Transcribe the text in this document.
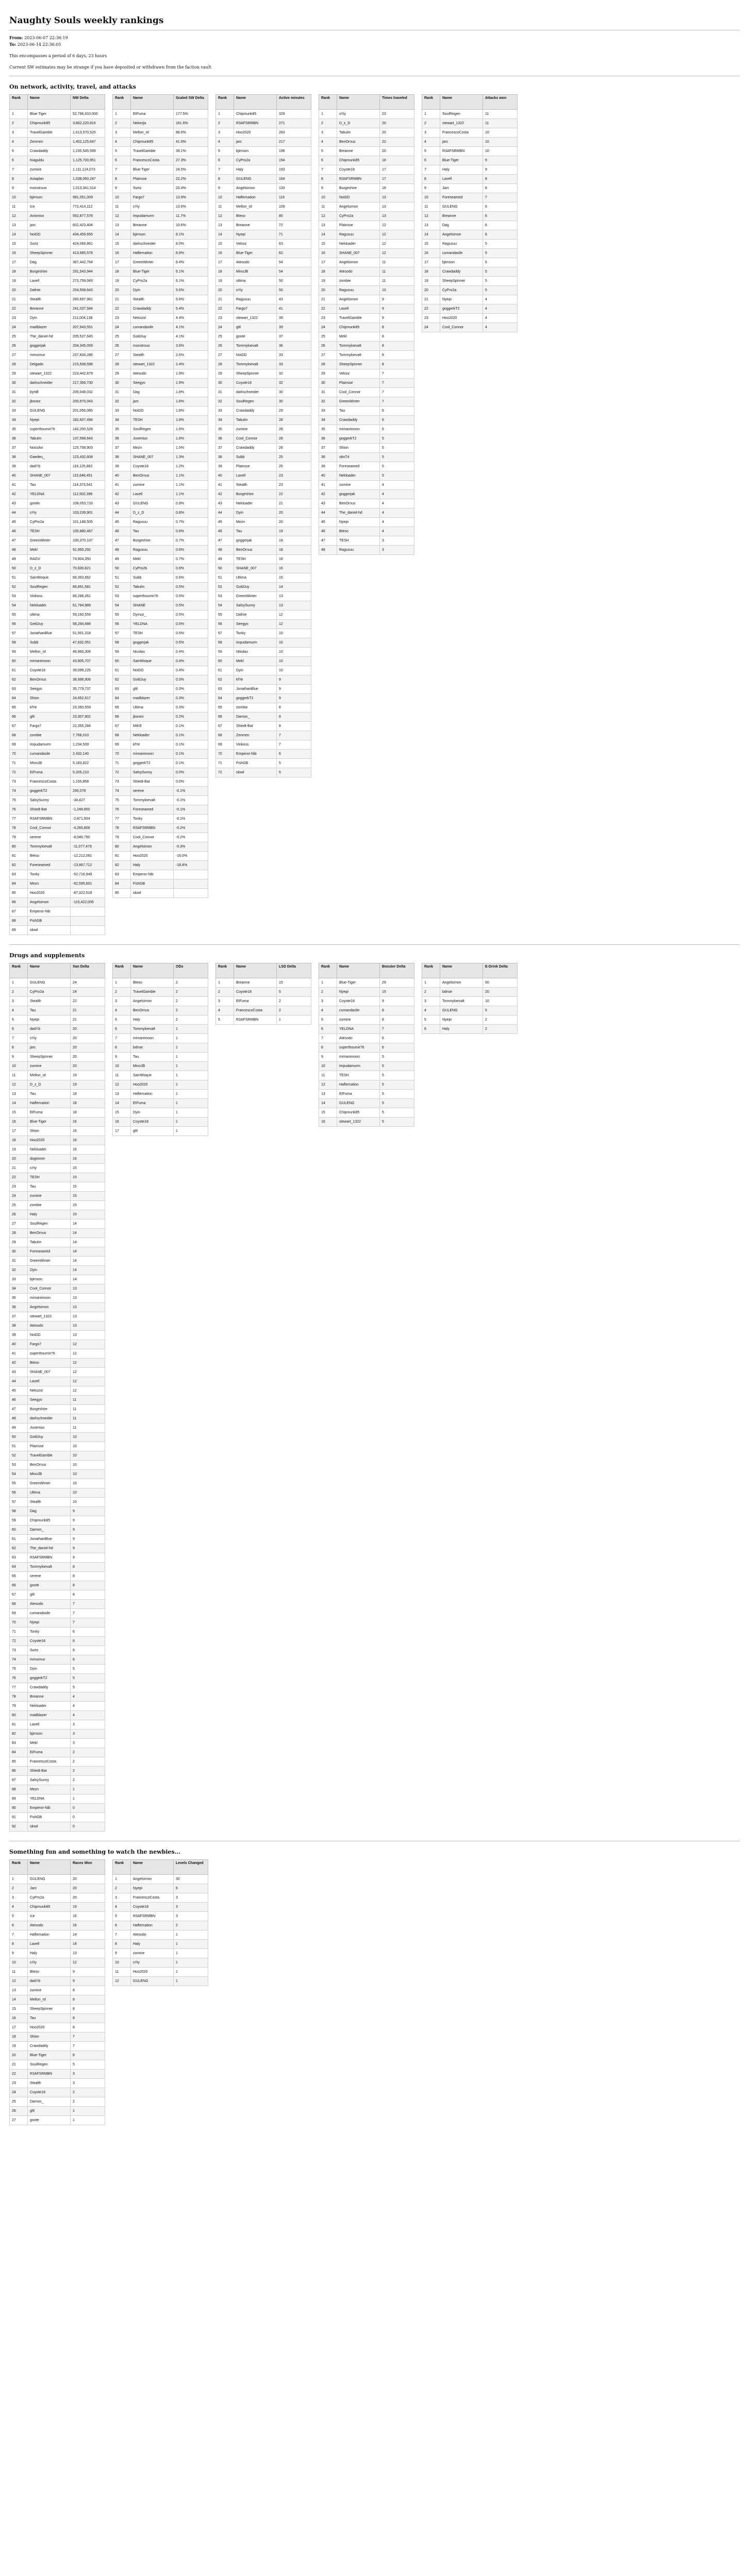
Naughty Souls weekly rankings
From: 2023-06-07 22:36:19
To: 2023-06-14 22:36:05

This encompasses a period of 6 days, 23 hours

Current SW estimates may be strange if you have deposited or withdrawn from the faction vault

On network, activity, travel, and attacks
Rank	Name	NW Delta
1	Blue-Tiger	52,796,910,000
2	Chipmunk85	3,862,220,816
3	TravelGamble	1,613,570,520
4	Zenmen	1,402,125,647
5	Crawdaddy	1,235,545,599
6	Kiaguldu	1,125,700,951
7	zumine	1,111,124,073
8	Asiaplan	1,038,060,247
9	monstrous	1,013,341,514
10	bjimson	991,051,009
11	Ice	772,414,112
12	Antoniox	552,877,578
13	jarc	602,423,404
14	NoiDD	434,459,655
15	Surtz	424,066,861
16	SheepSpinner	413,585,578
17	Dag	367,442,764
18	Burgeshire	291,543,944
19	Lavell	273,759,049
20	Dafnie	254,508,643
21	Stealth	260,697,961
22	Breanne	241,037,584
23	Dyin	211,004,138
24	madblazer	207,943,551
25	The_daniel-hd	205,527,645
26	goggerjak	204,345,059
27	mmunnur	237,834,286
28	Delgado	215,508,598
29	stewart_1322	223,442,879
30	darkschneider	217,356,730
31	byrdll	206,048,032
32	jbonez	200,970,043
33	GULENG	201,056,085
34	Nyepi	182,607,494
35	superthoumir76	142,200,528
36	Tabulm	137,568,643
37	Noicolor	125,708,903
38	Gaedeu_	123,432,608
39	dadYb	118,125,862
40	SHANE_007	115,648,451
41	Tau	114,373,541
42	YELDNA	112,502,396
43	gootie	108,053,733
44	sYiy	103,239,901
45	CyPro2a	101,188,505
46	TESH	100,880,467
47	GreenWinter	100,370,137
48	Mekl	91,950,292
49	RAGV	74,804,350
50	D_z_D	70,830,821
51	SainWoque	68,393,662
52	SoulRegen	66,891,581
53	Vinkoss	66,286,261
54	Nekloader	61,784,989
55	ultima	59,160,559
56	GeldJuy	58,294,688
57	JonathanBlue	51,501,318
58	Subb	47,632,051
59	Mellon_rd	46,960,306
60	mimanimoon	43,905,707
61	Coyote18	39,099,225
62	BenOrnus	38,996,906
63	Seegyo	35,779,737
64	Shion	24,652,617
65	kfYe	23,393,559
66	gltl	23,307,902
67	Fargo7	22,355,284
68	zombie	7,768,010
69	impudamurm	1,234,509
70	cumandasile	2,432,140
71	MinoJB	5,183,822
72	EIFuma	5,205,210
73	FrancescoCosta	1,155,858
74	goggerkT2	290,078
75	SalsySunny	-34,427
76	Shiedt-Bat	-1,248,850
77	R3AFSRMBN	-2,871,934
78	Cool_Connor	-4,265,806
79	serene	-8,048,790
80	Tommyloevalt	-11,077,479
81	Bteso	-12,212,061
82	Foreseamed	-13,867,712
83	Tonky	-52,716,949
84	Mezn	-62,595,601
85	Hoo2020	-87,322,518
86	Angelsimon	-115,422,005
87	Emperor-Nib	
88	FishGB	
89	slowl	
Rank	Name	Scaled SW Delta
1	EIFuma	177.5%
2	Nekezja	161.6%
3	Mellon_rd	88.6%
4	Chipmunk85	41.9%
5	TravelGamble	39.1%
6	FrancescoCosta	27.3%
7	Blue-Tiger	24.5%
8	Plainsse	22.2%
9	Surtz	20.4%
10	Fargo7	13.9%
11	sYiy	13.6%
12	impudamurm	11.7%
13	Breanne	10.6%
14	bjimson	8.1%
15	darkschneider	8.0%
16	Haflernation	6.9%
17	GreenWinter	6.4%
18	Blue-Tiger	6.1%
19	CyPro2a	6.1%
20	Dyin	5.6%
21	Stealth	5.6%
22	Crawdaddy	5.4%
23	Nekszol	4.4%
24	cumandasile	4.1%
25	GoldJuy	4.1%
26	monstrous	3.6%
27	Stealth	2.6%
28	stewart_1322	2.4%
29	Atesodo	1.9%
30	Seegyo	1.9%
31	Dag	1.8%
32	jarc	1.8%
33	NoiDD	1.8%
34	TESH	1.8%
35	SoulRegen	1.6%
36	Juventus	1.6%
37	Mezn	1.5%
38	SHANE_007	1.3%
39	Coyote18	1.2%
40	BenOrnus	1.1%
41	zumine	1.1%
42	Lavell	1.1%
43	GULENG	0.9%
44	D_z_D	0.8%
45	Ragusuu	0.7%
46	Tau	0.6%
47	Burgeshire	0.7%
48	Ragusuu	0.6%
49	Mekl	0.7%
50	CyPro2b	0.6%
51	Subb	0.6%
52	Tabulm	0.5%
53	superthoumir76	0.5%
54	SHANE	0.5%
55	Dyinoz_	0.5%
56	YELDNA	0.5%
57	TESH	0.5%
58	goggerjak	0.5%
59	Nicolas	0.4%
60	SainWoque	0.4%
61	NoiDD	0.4%
62	GoldJuy	0.3%
63	gltl	0.3%
64	madblazer	0.3%
65	Ultima	0.3%
66	jbonez	0.2%
67	MIKE	0.1%
68	Nekloader	0.1%
69	kfYe	0.1%
70	mimanimoon	0.1%
71	goggerkT2	0.1%
72	SalsySunny	0.0%
73	Shiedt-Bat	0.0%
74	serene	-0.1%
75	Tommyloevalt	-0.1%
76	Foreseamed	-0.1%
77	Tonky	-0.1%
78	R3AFSRMBN	-0.2%
79	Cool_Connor	-0.2%
80	Angelsimon	-0.3%
81	Hoo2020	-16.0%
82	Haly	-18.4%
83	Emperor-Nib	
84	FishGB	
85	slowl	
Rank	Name	Active minutes
1	Chipmunk85	329
2	R3AFSRMBN	271
3	Hoo2020	263
4	jarc	217
5	bjimson	196
6	CyPro2a	194
7	Haly	193
8	GULENG	164
9	Angelsimon	133
10	Haflernation	116
11	Mellon_rd	109
12	Bteso	80
13	Breanne	72
14	Nyepi	71
15	Veksiz	63
16	Blue-Tiger	62
17	Atesodo	54
18	MinoJB	54
19	ultima	50
20	sYiy	50
21	Ragusuu	43
22	Fargo7	41
23	stewart_1322	39
24	gltl	39
25	goote	37
26	Tommyloevalt	36
27	NoiDD	33
28	Tommyloevalt	33
29	SheepSpinner	32
30	Coyote18	32
31	darkschneider	30
32	SoulRegen	30
33	Crawdaddy	29
34	Tabulm	28
35	zumine	28
36	Cool_Connor	28
37	Crawdaddy	26
38	Subb	25
39	Plainsse	25
40	Lavell	23
41	Stealth	23
42	Burgeshire	22
43	Nekloader	21
44	Dyin	20
45	Mezn	20
46	Tau	19
47	goggerjak	18
48	BenOrnus	18
49	TESH	16
50	SHANE_007	16
51	Ultima	15
52	GoldJuy	14
53	GreenWinter	13
54	SalsySunny	13
55	Dafnie	12
56	Seegyo	12
57	Tonky	10
58	impudamurm	10
59	Nikolas	10
60	Mekl	10
61	Dyin	10
62	kfYe	9
63	JonathanBlue	9
64	goggerkT2	9
65	zombie	8
66	Damon_	8
67	Shiedt-Bat	8
68	Zenmen	7
69	Vinkoss	7
70	Emperor-Nib	6
71	FishGB	5
72	slowl	5
Rank	Name	Times traveled
1	sYiy	23
2	D_z_D	20
3	Tabulm	20
4	BenOrnus	22
5	Breanne	20
6	Chipmunk85	18
7	Coyote18	17
8	R3AFSRMBN	17
9	Burgeshire	16
10	NoiDD	13
11	Angelsimon	13
12	CyPro2a	13
13	Plainsse	12
14	Ragusuu	12
15	Nekloader	12
16	SHANE_007	12
17	Angelsimon	11
18	Atesodo	11
19	zombie	11
20	Ragusuu	10
21	Angelsimon	9
22	Lavell	9
23	TravelGamble	9
24	Chipmunk85	8
25	Mekl	8
26	Tommyloevalt	8
27	Tommyloevalt	8
28	SheepSpinner	8
29	Veksiz	7
30	Plainsse	7
31	Cool_Connor	7
32	GreenWinter	7
33	Tau	6
34	Crawdaddy	6
35	mimanimoon	6
36	goggerkT2	5
37	Shion	5
38	sbnT4	5
39	Foreseamed	5
40	Nekloader	5
41	zumine	4
42	goggerjak	4
43	BenOrnus	4
44	The_daniel-hd	4
45	Nyepi	4
46	Bteso	4
47	TESH	3
48	Ragusuu	3
Rank	Name	Attacks won
1	SoulRegen	11
2	stewart_1322	11
3	FrancescoCosta	10
4	jarc	10
5	R3AFSRMBN	10
6	Blue-Tiger	9
7	Haly	9
8	Lavell	8
9	Jarc	8
10	Foreseamed	7
11	GULENG	6
12	Breanne	6
13	Dag	6
14	Angelsimon	6
15	Ragusuu	5
16	cumandasile	5
17	bjimson	5
18	Crawdaddy	5
19	SheepSpinner	5
20	CyPro2a	5
21	Nyepi	4
22	goggerkT2	4
23	Hoo2020	4
24	Cool_Connor	4
Drugs and supplements
Rank	Name	Xan Delta
1	GULENG	24
2	CyPro2a	24
3	Stealth	22
4	Tau	21
5	Nyepi	21
6	dadYb	20
7	sYiy	20
8	jarc	20
9	SheepSpinner	20
10	zumine	20
11	Mellon_rd	19
12	D_z_D	19
13	Tau	18
14	Haflernation	18
15	EIFuma	18
16	Blue-Tiger	16
17	Shion	16
18	Hoo2020	16
19	Nekloader	16
20	dogtomer	16
21	sYiy	15
22	TESH	15
23	Tau	15
24	zumine	15
25	zombie	15
26	Haly	15
27	SoulRegen	14
28	BenOrnus	14
29	Tabulm	14
30	Foreseamed	14
31	GreenWinter	14
32	Dyin	14
33	bjimson	14
34	Cool_Connor	13
35	mimanimoon	13
36	Angelsimon	13
37	stewart_1322	13
38	Atesodo	13
39	NoiDD	13
40	Fargo7	12
41	superthoumir76	12
42	Bteso	12
43	SHANE_007	12
44	Lavell	12
45	Nekszol	12
46	Seegyo	11
47	Burgeshire	11
48	darkschneider	11
49	Juventus	11
50	GoldJuy	10
51	Plainsse	10
52	TravelGamble	10
53	BenOrnus	10
54	MinoJB	10
55	GreenWinter	10
56	Ultima	10
57	Stealth	10
58	Dag	9
59	Chipmunk85	9
60	Damon_	9
61	JonathanBlue	9
62	The_daniel-hd	9
63	R3AFSRMBN	9
64	Tommyloevalt	8
65	serene	8
66	goote	8
67	gltl	8
68	Atesodo	7
69	cumandasile	7
70	Nyepi	7
71	Tonky	6
72	Coyote18	6
73	Surtz	6
74	mmunnur	6
75	Dyin	5
76	goggerkT2	5
77	Crawdaddy	5
78	Breanne	4
79	Nekloader	4
80	madblazer	4
81	Lavell	3
82	bjimson	3
83	Mekl	3
84	EIFuma	2
85	FrancescoCosta	2
86	Shiedt-Bat	2
87	SalsySunny	2
88	Mezn	1
89	YELDNA	1
90	Emperor-Nib	0
91	FishGB	0
92	slowl	0
Rank	Name	ODs
1	Bteso	2
2	TravelGamble	2
3	Angelsimon	2
4	BenOrnus	2
5	Haly	2
6	Tommyloevalt	1
7	mimanimoon	1
8	bdnse	1
9	Tau	1
10	MinoJB	1
11	SainWoque	1
12	Hoo2020	1
13	Haflernation	1
14	EIFuma	1
15	Dyin	1
16	Coyote18	1
17	gltl	1
Rank	Name	LSD Delta
1	Breanne	15
2	Coyote18	5
3	EIFuma	2
4	FrancescoCosta	2
5	R3AFSRMBN	1
Rank	Name	Booster Delta
1	Blue-Tiger	29
2	Nyepi	15
3	Coyote18	9
4	cumandasile	8
5	zumine	8
6	YELDNA	7
7	Atesodo	6
8	superthoumir76	6
9	mimanimoon	5
10	impudamurm	5
11	TESH	5
12	Haflernation	5
13	EIFuma	5
14	GULENG	5
15	Chipmunk85	5
16	stewart_1322	5
Rank	Name	E-Drink Delta
1	Angelsimon	50
2	bdnse	20
3	Tommyloevalt	10
4	GULENG	5
5	Nyepi	2
6	Haly	2
Something fun and something to watch the newbies...
Rank	Name	Races Won
1	GULENG	20
2	Jarc	20
3	CyPro2a	20
4	Chipmunk85	19
5	Ice	16
6	Atesodo	16
7	Haflernation	14
8	Lavell	14
9	Haly	13
10	sYiy	12
11	Bteso	9
12	dadYb	9
13	zumine	8
14	Mellon_rd	8
15	SheepSpinner	8
16	Tau	8
17	Hoo2020	8
18	Shion	7
19	Crawdaddy	7
20	Blue-Tiger	6
21	SoulRegen	5
22	R3AFSRMBN	3
23	Stealth	3
24	Coyote18	2
25	Damon_	2
26	gltl	1
27	goote	1
Rank	Name	Levels Changed
1	Angelsimon	30
2	Nyepi	6
3	FrancescoCosta	3
4	Coyote18	3
5	R3AFSRMBN	3
6	Haflernation	2
7	Atesodo	1
8	Haly	1
9	zumine	1
10	sYiy	1
11	Hoo2020	1
12	GULENG	1
